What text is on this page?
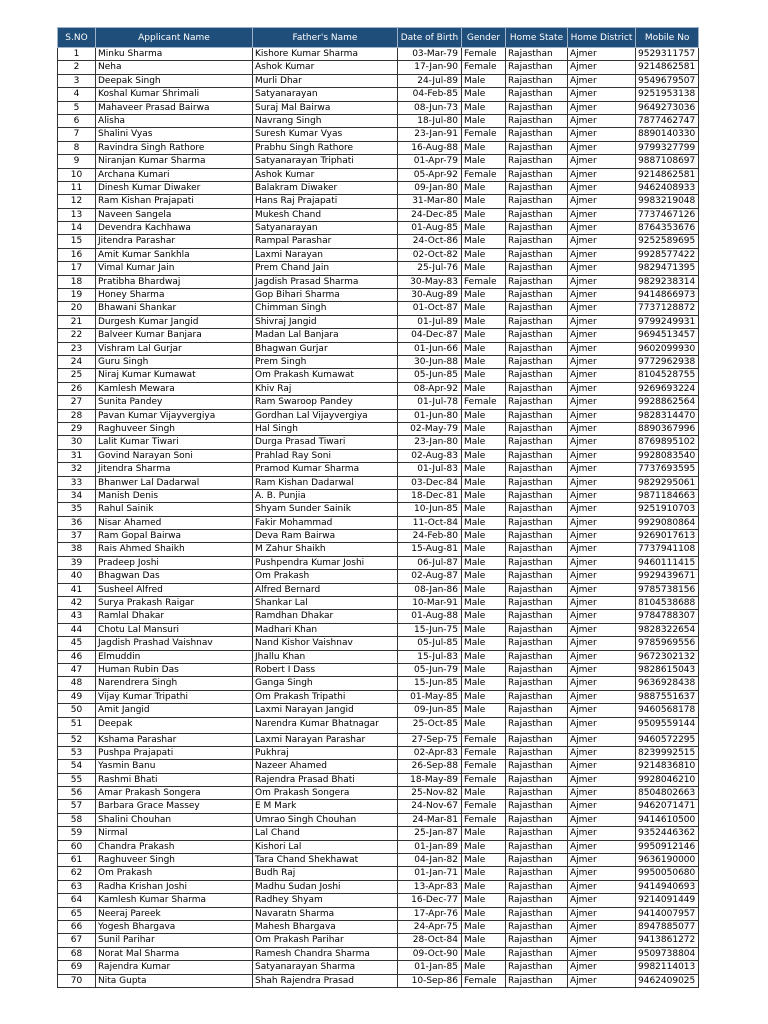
S.NO	Applicant Name	Father's Name	Date of Birth	Gender	Home State	Home District	Mobile No
1	Minku Sharma	Kishore Kumar Sharma	03-Mar-79	Female	Rajasthan	Ajmer	9529311757
2	Neha	Ashok Kumar	17-Jan-90	Female	Rajasthan	Ajmer	9214862581
3	Deepak Singh	Murli Dhar	24-Jul-89	Male	Rajasthan	Ajmer	9549679507
4	Koshal Kumar Shrimali	Satyanarayan	04-Feb-85	Male	Rajasthan	Ajmer	9251953138
5	Mahaveer Prasad Bairwa	Suraj Mal Bairwa	08-Jun-73	Male	Rajasthan	Ajmer	9649273036
6	Alisha	Navrang Singh	18-Jul-80	Male	Rajasthan	Ajmer	7877462747
7	Shalini Vyas	Suresh Kumar Vyas	23-Jan-91	Female	Rajasthan	Ajmer	8890140330
8	Ravindra Singh Rathore	Prabhu Singh Rathore	16-Aug-88	Male	Rajasthan	Ajmer	9799327799
9	Niranjan Kumar Sharma	Satyanarayan Triphati	01-Apr-79	Male	Rajasthan	Ajmer	9887108697
10	Archana Kumari	Ashok Kumar	05-Apr-92	Female	Rajasthan	Ajmer	9214862581
11	Dinesh Kumar Diwaker	Balakram Diwaker	09-Jan-80	Male	Rajasthan	Ajmer	9462408933
12	Ram Kishan Prajapati	Hans Raj Prajapati	31-Mar-80	Male	Rajasthan	Ajmer	9983219048
13	Naveen Sangela	Mukesh Chand	24-Dec-85	Male	Rajasthan	Ajmer	7737467126
14	Devendra Kachhawa	Satyanarayan	01-Aug-85	Male	Rajasthan	Ajmer	8764353676
15	Jitendra Parashar	Rampal Parashar	24-Oct-86	Male	Rajasthan	Ajmer	9252589695
16	Amit Kumar Sankhla	Laxmi Narayan	02-Oct-82	Male	Rajasthan	Ajmer	9928577422
17	Vimal Kumar Jain	Prem Chand Jain	25-Jul-76	Male	Rajasthan	Ajmer	9829471395
18	Pratibha Bhardwaj	Jagdish Prasad Sharma	30-May-83	Female	Rajasthan	Ajmer	9829238314
19	Honey Sharma	Gop Bihari Sharma	30-Aug-89	Male	Rajasthan	Ajmer	9414866973
20	Bhawani Shankar	Chimman Singh	01-Oct-87	Male	Rajasthan	Ajmer	7737128872
21	Durgesh Kumar Jangid	Shivraj Jangid	01-Jul-89	Male	Rajasthan	Ajmer	9799249931
22	Balveer Kumar Banjara	Madan Lal Banjara	04-Dec-87	Male	Rajasthan	Ajmer	9694513457
23	Vishram Lal Gurjar	Bhagwan Gurjar	01-Jun-66	Male	Rajasthan	Ajmer	9602099930
24	Guru Singh	Prem Singh	30-Jun-88	Male	Rajasthan	Ajmer	9772962938
25	Niraj Kumar Kumawat	Om Prakash Kumawat	05-Jun-85	Male	Rajasthan	Ajmer	8104528755
26	Kamlesh Mewara	Khiv Raj	08-Apr-92	Male	Rajasthan	Ajmer	9269693224
27	Sunita Pandey	Ram Swaroop Pandey	01-Jul-78	Female	Rajasthan	Ajmer	9928862564
28	Pavan Kumar Vijayvergiya	Gordhan Lal Vijayvergiya	01-Jun-80	Male	Rajasthan	Ajmer	9828314470
29	Raghuveer Singh	Hal Singh	02-May-79	Male	Rajasthan	Ajmer	8890367996
30	Lalit Kumar Tiwari	Durga Prasad Tiwari	23-Jan-80	Male	Rajasthan	Ajmer	8769895102
31	Govind Narayan Soni	Prahlad Ray Soni	02-Aug-83	Male	Rajasthan	Ajmer	9928083540
32	Jitendra Sharma	Pramod Kumar Sharma	01-Jul-83	Male	Rajasthan	Ajmer	7737693595
33	Bhanwer Lal Dadarwal	Ram Kishan Dadarwal	03-Dec-84	Male	Rajasthan	Ajmer	9829295061
34	Manish Denis	A. B. Punjia	18-Dec-81	Male	Rajasthan	Ajmer	9871184663
35	Rahul Sainik	Shyam Sunder Sainik	10-Jun-85	Male	Rajasthan	Ajmer	9251910703
36	Nisar Ahamed	Fakir Mohammad	11-Oct-84	Male	Rajasthan	Ajmer	9929080864
37	Ram Gopal Bairwa	Deva Ram Bairwa	24-Feb-80	Male	Rajasthan	Ajmer	9269017613
38	Rais Ahmed Shaikh	M Zahur Shaikh	15-Aug-81	Male	Rajasthan	Ajmer	7737941108
39	Pradeep Joshi	Pushpendra Kumar Joshi	06-Jul-87	Male	Rajasthan	Ajmer	9460111415
40	Bhagwan Das	Om Prakash	02-Aug-87	Male	Rajasthan	Ajmer	9929439671
41	Susheel Alfred	Alfred Bernard	08-Jan-86	Male	Rajasthan	Ajmer	9785738156
42	Surya Prakash Raigar	Shankar Lal	10-Mar-91	Male	Rajasthan	Ajmer	8104538688
43	Ramlal Dhakar	Ramdhan Dhakar	01-Aug-88	Male	Rajasthan	Ajmer	9784788307
44	Chotu Lal Mansuri	Madhari Khan	15-Jun-75	Male	Rajasthan	Ajmer	9828322654
45	Jagdish Prashad Vaishnav	Nand Kishor Vaishnav	05-Jul-85	Male	Rajasthan	Ajmer	9785969556
46	Elmuddin	Jhallu Khan	15-Jul-83	Male	Rajasthan	Ajmer	9672302132
47	Human Rubin Das	Robert I Dass	05-Jun-79	Male	Rajasthan	Ajmer	9828615043
48	Narendrera Singh	Ganga Singh	15-Jun-85	Male	Rajasthan	Ajmer	9636928438
49	Vijay Kumar Tripathi	Om Prakash Tripathi	01-May-85	Male	Rajasthan	Ajmer	9887551637
50	Amit Jangid	Laxmi Narayan Jangid	09-Jun-85	Male	Rajasthan	Ajmer	9460568178
51	Deepak	Narendra Kumar Bhatnagar	25-Oct-85	Male	Rajasthan	Ajmer	9509559144
52	Kshama Parashar	Laxmi Narayan Parashar	27-Sep-75	Female	Rajasthan	Ajmer	9460572295
53	Pushpa Prajapati	Pukhraj	02-Apr-83	Female	Rajasthan	Ajmer	8239992515
54	Yasmin Banu	Nazeer Ahamed	26-Sep-88	Female	Rajasthan	Ajmer	9214836810
55	Rashmi Bhati	Rajendra Prasad Bhati	18-May-89	Female	Rajasthan	Ajmer	9928046210
56	Amar Prakash Songera	Om Prakash Songera	25-Nov-82	Male	Rajasthan	Ajmer	8504802663
57	Barbara Grace Massey	E M Mark	24-Nov-67	Female	Rajasthan	Ajmer	9462071471
58	Shalini Chouhan	Umrao Singh Chouhan	24-Mar-81	Female	Rajasthan	Ajmer	9414610500
59	Nirmal	Lal Chand	25-Jan-87	Male	Rajasthan	Ajmer	9352446362
60	Chandra Prakash	Kishori Lal	01-Jan-89	Male	Rajasthan	Ajmer	9950912146
61	Raghuveer Singh	Tara Chand Shekhawat	04-Jan-82	Male	Rajasthan	Ajmer	9636190000
62	Om Prakash	Budh Raj	01-Jan-71	Male	Rajasthan	Ajmer	9950050680
63	Radha Krishan Joshi	Madhu Sudan Joshi	13-Apr-83	Male	Rajasthan	Ajmer	9414940693
64	Kamlesh Kumar Sharma	Radhey Shyam	16-Dec-77	Male	Rajasthan	Ajmer	9214091449
65	Neeraj Pareek	Navaratn Sharma	17-Apr-76	Male	Rajasthan	Ajmer	9414007957
66	Yogesh Bhargava	Mahesh Bhargava	24-Apr-75	Male	Rajasthan	Ajmer	8947885077
67	Sunil Parihar	Om Prakash Parihar	28-Oct-84	Male	Rajasthan	Ajmer	9413861272
68	Norat Mal Sharma	Ramesh Chandra Sharma	09-Oct-90	Male	Rajasthan	Ajmer	9509738804
69	Rajendra Kumar	Satyanarayan Sharma	01-Jan-85	Male	Rajasthan	Ajmer	9982114013
70	Nita Gupta	Shah Rajendra Prasad	10-Sep-86	Female	Rajasthan	Ajmer	9462409025
